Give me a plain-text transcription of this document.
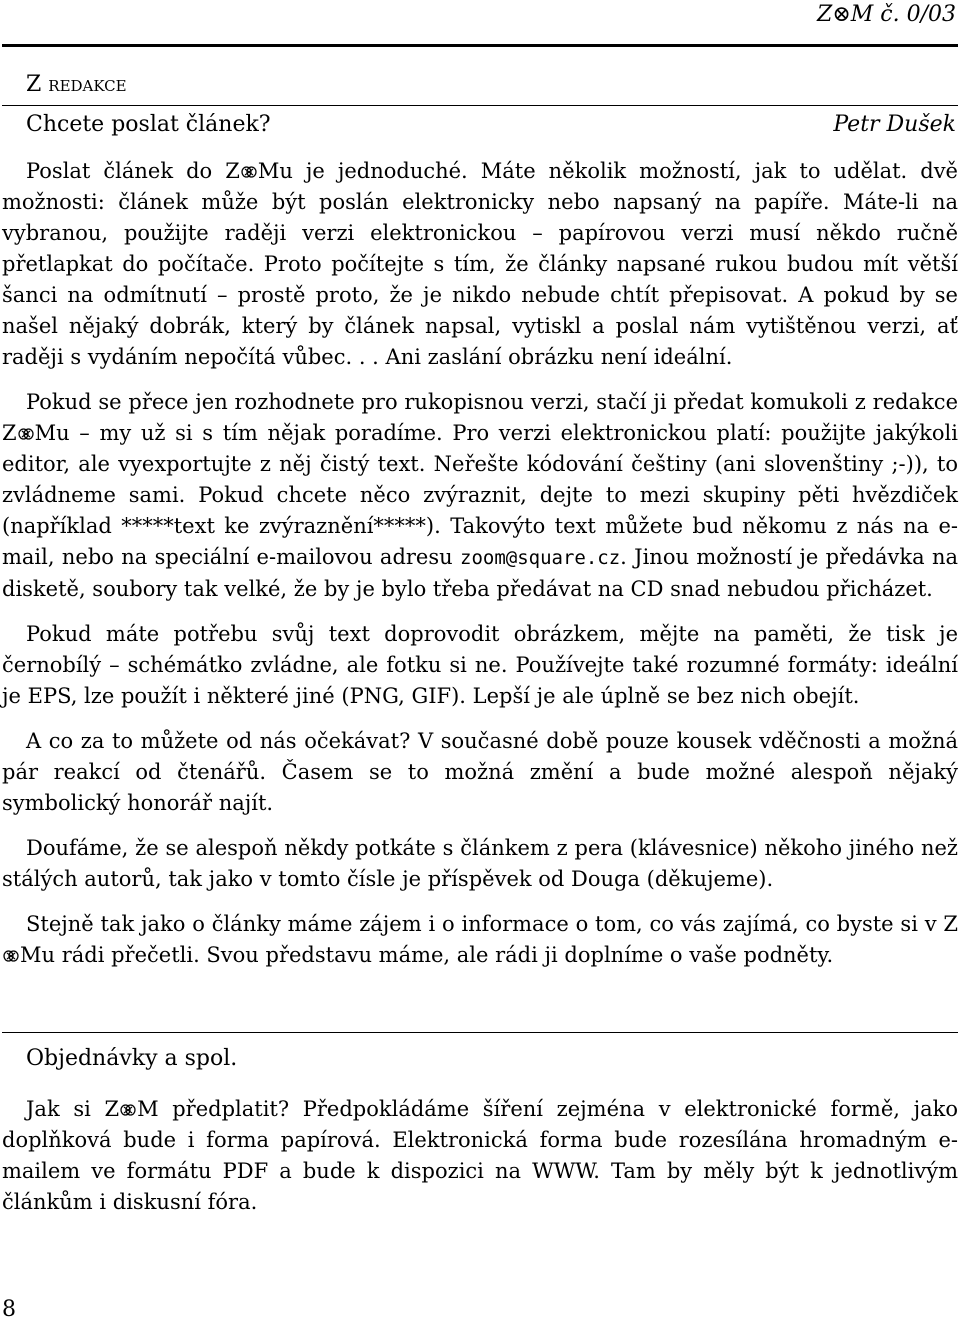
Z⊗M č. 0/03
Z redakce
Chcete poslat článek?	Petr Dušek

Poslat článek do Z Mu je jednoduché. Máte několik možností, jak to udělat. dvě možnosti: článek může být poslán elektronicky nebo napsaný na papíře. Máte-li na vybranou, použijte raději verzi elektronickou – papírovou verzi musí někdo ručně přetlapkat do počítače. Proto počítejte s tím, že články napsané rukou budou mít větší šanci na odmítnutí – prostě proto, že je nikdo nebude chtít přepisovat. A pokud by se našel nějaký dobrák, který by článek napsal, vytiskl a poslal nám vytištěnou verzi, ať raději s vydáním nepočítá vůbec. . . Ani zaslání obrázku není ideální.

Pokud se přece jen rozhodnete pro rukopisnou verzi, stačí ji předat komukoli z redakce Z Mu – my už si s tím nějak poradíme. Pro verzi elektronickou platí: použijte jakýkoli editor, ale vyexportujte z něj čistý text. Neřešte kódování češtiny (ani slovenštiny ;-)), to zvládneme sami. Pokud chcete něco zvýraznit, dejte to mezi skupiny pěti hvězdiček (například *****text ke zvýraznění*****). Takovýto text můžete bud někomu z nás na e-mail, nebo na speciální e-mailovou adresu zoom@square.cz. Jinou možností je předávka na disketě, soubory tak velké, že by je bylo třeba předávat na CD snad nebudou přicházet.

Pokud máte potřebu svůj text doprovodit obrázkem, mějte na paměti, že tisk je černobílý – schémátko zvládne, ale fotku si ne. Používejte také rozumné formáty: ideální je EPS, lze použít i některé jiné (PNG, GIF). Lepší je ale úplně se bez nich obejít.

A co za to můžete od nás očekávat? V současné době pouze kousek vděčnosti a možná pár reakcí od čtenářů. Časem se to možná změní a bude možné alespoň nějaký symbolický honorář najít.

Doufáme, že se alespoň někdy potkáte s článkem z pera (klávesnice) někoho jiného než stálých autorů, tak jako v tomto čísle je příspěvek od Douga (děkujeme).

Stejně tak jako o články máme zájem i o informace o tom, co vás zajímá, co byste si v ZMu rádi přečetli. Svou představu máme, ale rádi ji doplníme o vaše podněty.

Objednávky a spol.

Jak si Z M předplatit? Předpokládáme šíření zejména v elektronické formě, jako doplňková bude i forma papírová. Elektronická forma bude rozesílána hromadným e-mailem ve formátu PDF a bude k dispozici na WWW. Tam by měly být k jednotlivým článkům i diskusní fóra.

8
